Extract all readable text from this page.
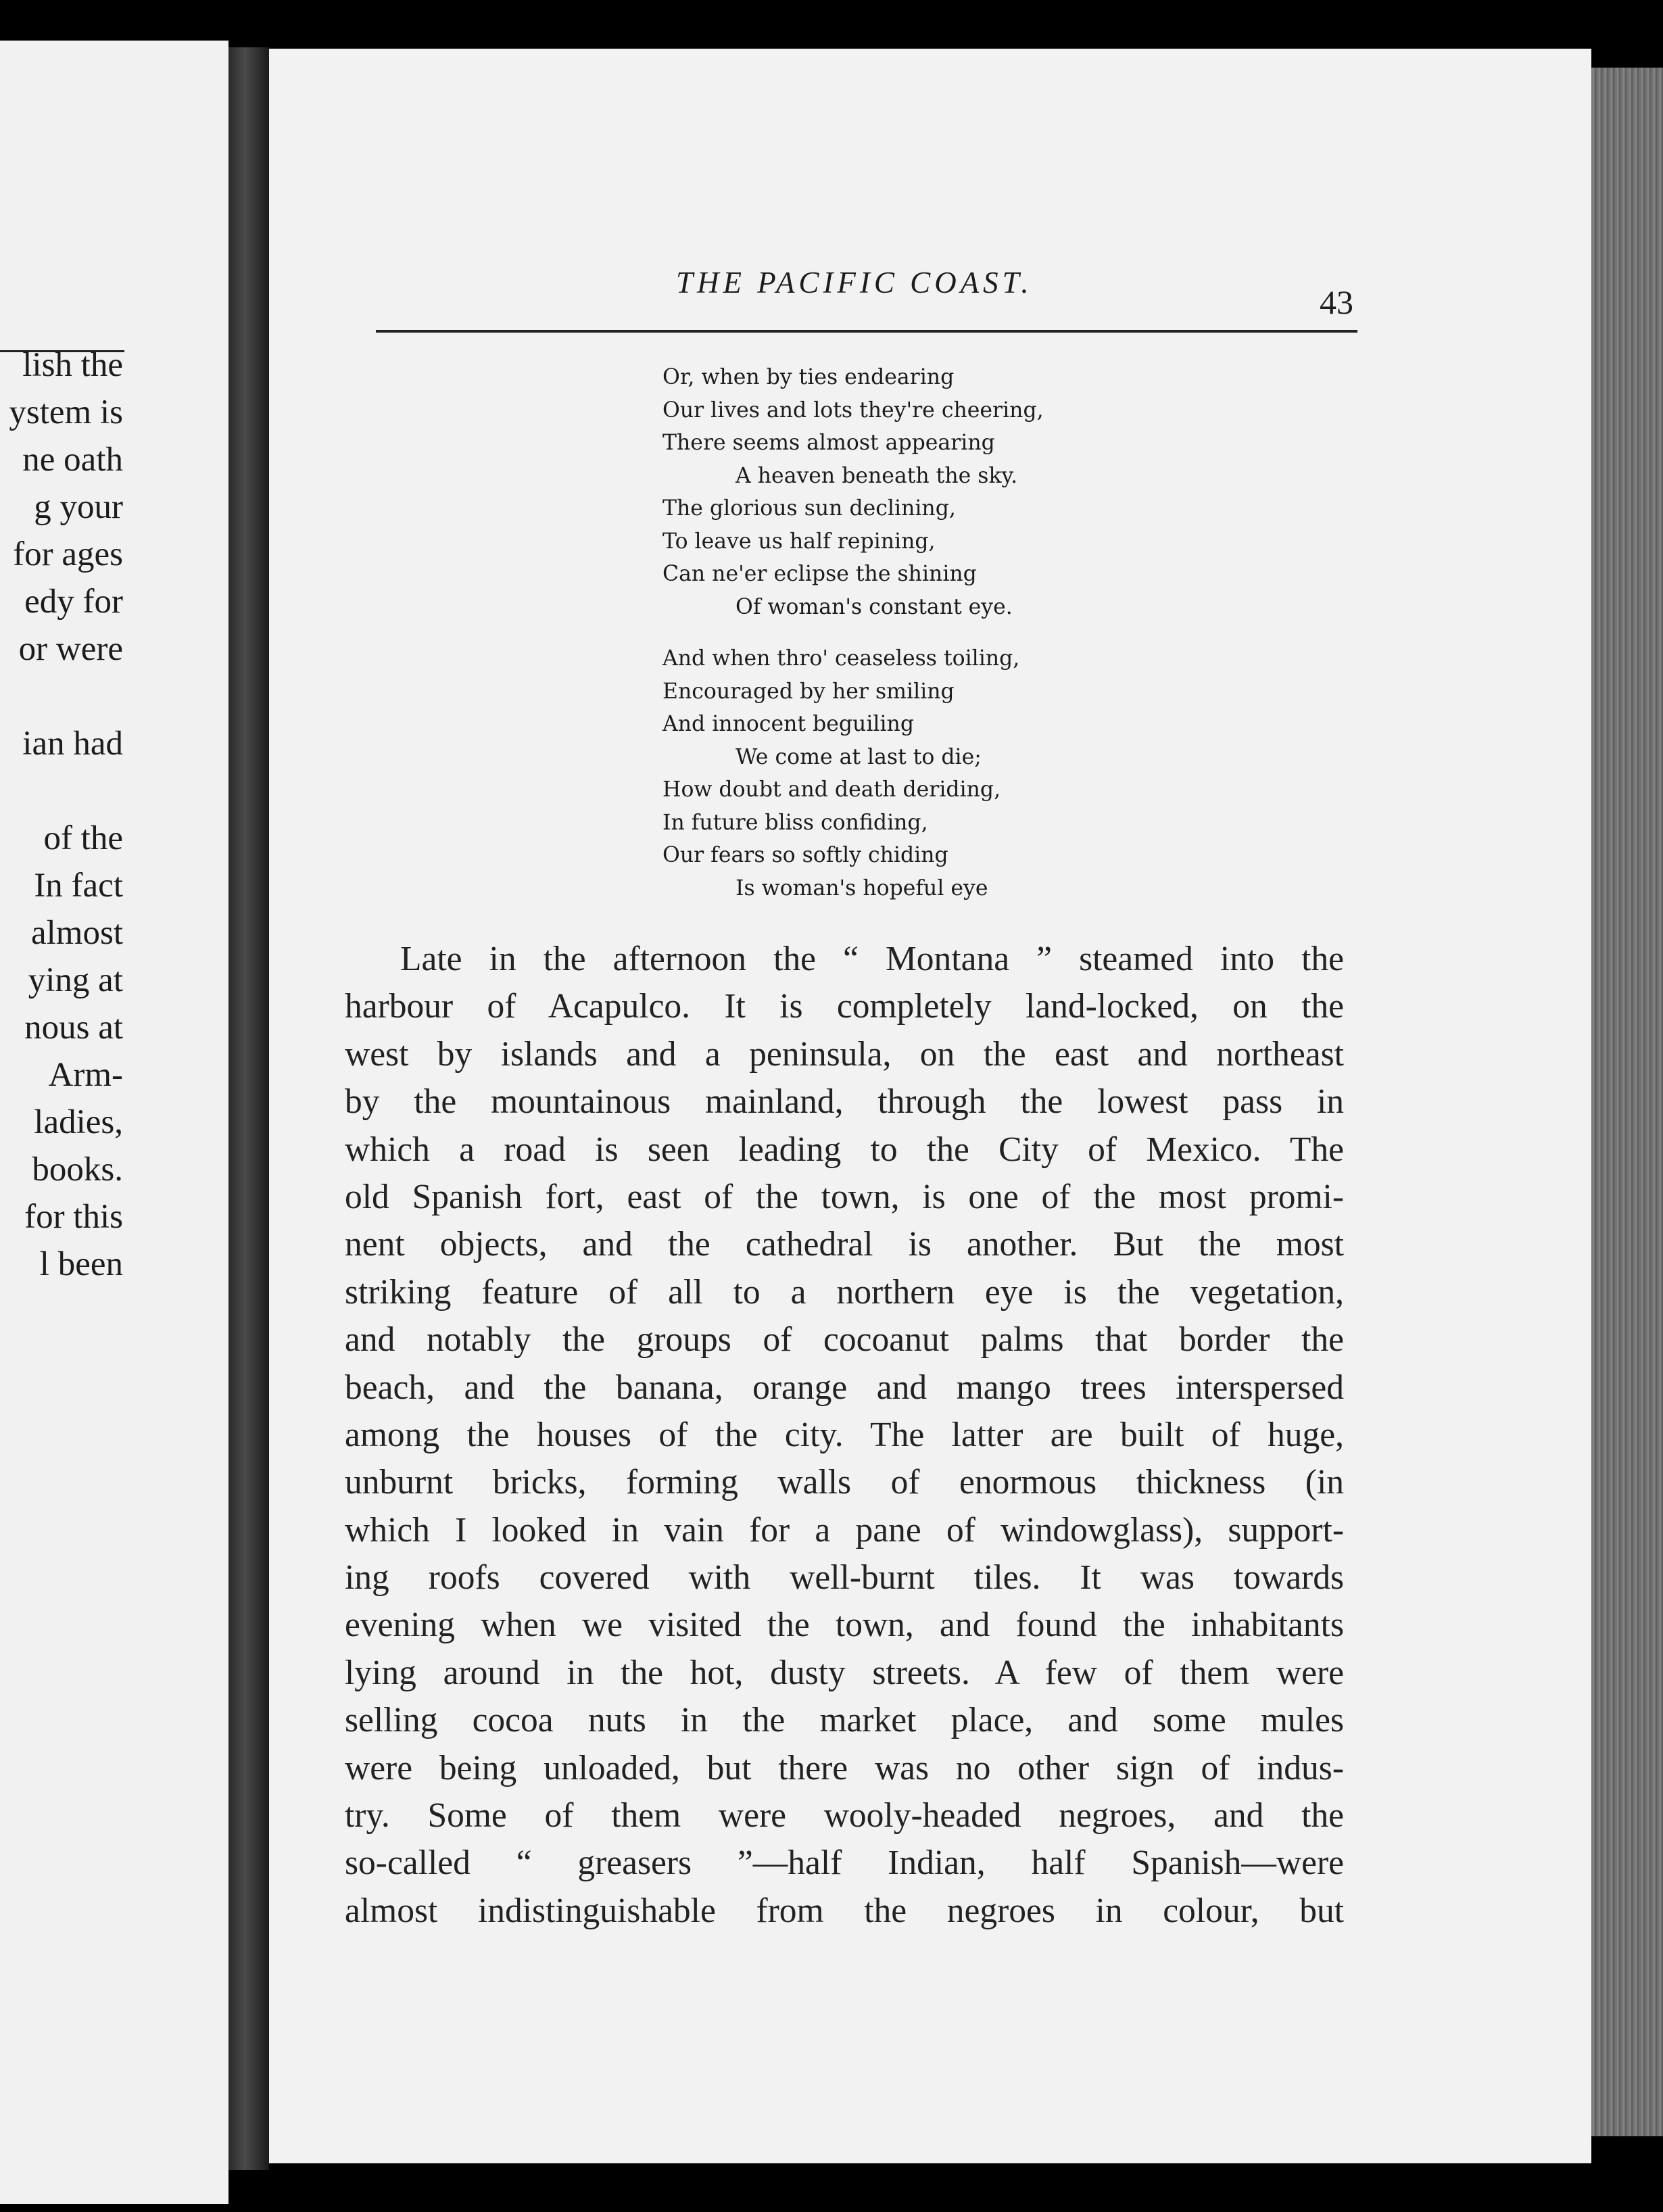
lish the
ystem is
ne oath
g your
for ages
edy for
or were
ian had
of the
In fact
almost
ying at
nous at
Arm-
ladies,
books.
for this
l been
THE PACIFIC COAST.
43
Or, when by ties endearing
Our lives and lots they're cheering,
There seems almost appearing
A heaven beneath the sky.
The glorious sun declining,
To leave us half repining,
Can ne'er eclipse the shining
Of woman's constant eye.
And when thro' ceaseless toiling,
Encouraged by her smiling
And innocent beguiling
We come at last to die;
How doubt and death deriding,
In future bliss confiding,
Our fears so softly chiding
Is woman's hopeful eye
Late in the afternoon the “ Montana ” steamed into the
harbour of Acapulco. It is completely land-locked, on the
west by islands and a peninsula, on the east and northeast
by the mountainous mainland, through the lowest pass in
which a road is seen leading to the City of Mexico. The
old Spanish fort, east of the town, is one of the most promi-
nent objects, and the cathedral is another. But the most
striking feature of all to a northern eye is the vegetation,
and notably the groups of cocoanut palms that border the
beach, and the banana, orange and mango trees interspersed
among the houses of the city. The latter are built of huge,
unburnt bricks, forming walls of enormous thickness (in
which I looked in vain for a pane of windowglass), support-
ing roofs covered with well-burnt tiles. It was towards
evening when we visited the town, and found the inhabitants
lying around in the hot, dusty streets. A few of them were
selling cocoa nuts in the market place, and some mules
were being unloaded, but there was no other sign of indus-
try. Some of them were wooly-headed negroes, and the
so-called “ greasers ”—half Indian, half Spanish—were
almost indistinguishable from the negroes in colour, but
